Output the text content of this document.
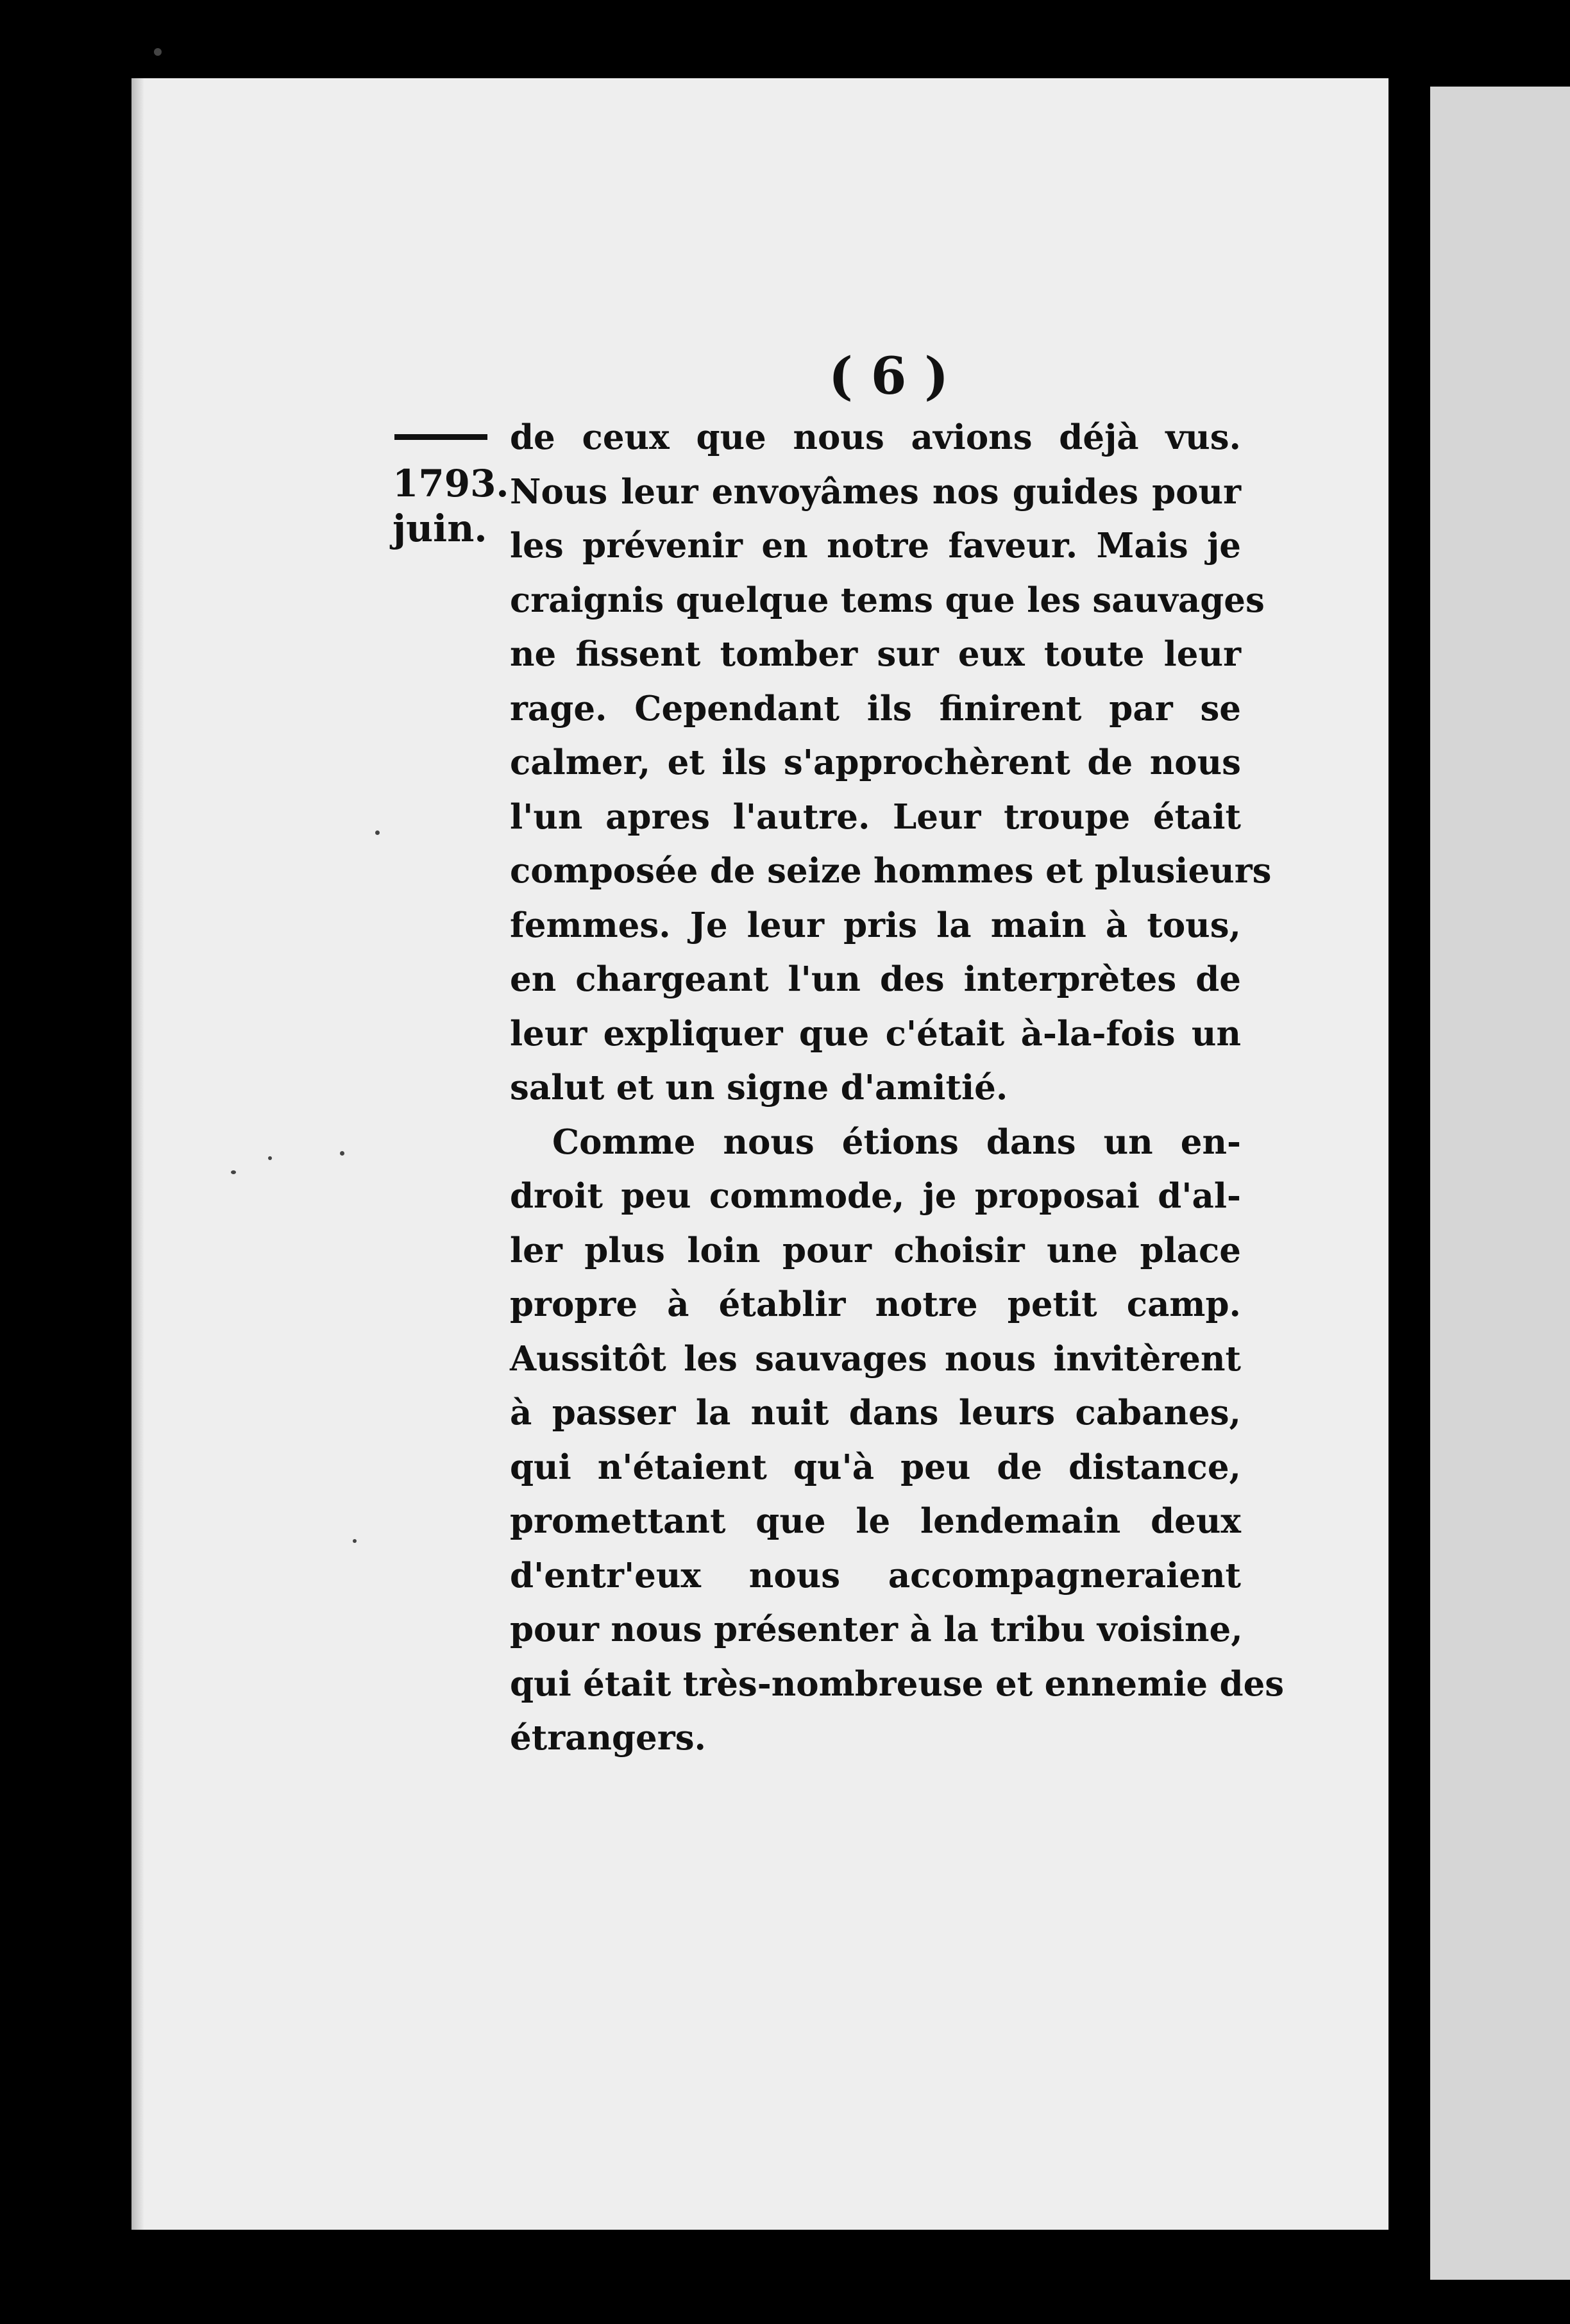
( 6 )
1793.
juin.
de ceux que nous avions déjà vus.
Nous leur envoyâmes nos guides pour
les prévenir en notre faveur. Mais je
craignis quelque tems que les sauvages
ne fissent tomber sur eux toute leur
rage. Cependant ils finirent par se
calmer, et ils s'approchèrent de nous
l'un apres l'autre. Leur troupe était
composée de seize hommes et plusieurs
femmes. Je leur pris la main à tous,
en chargeant l'un des interprètes de
leur expliquer que c'était à-la-fois un
salut et un signe d'amitié.
Comme nous étions dans un en-
droit peu commode, je proposai d'al-
ler plus loin pour choisir une place
propre à établir notre petit camp.
Aussitôt les sauvages nous invitèrent
à passer la nuit dans leurs cabanes,
qui n'étaient qu'à peu de distance,
promettant que le lendemain deux
d'entr'eux nous accompagneraient
pour nous présenter à la tribu voisine,
qui était très-nombreuse et ennemie des
étrangers.
